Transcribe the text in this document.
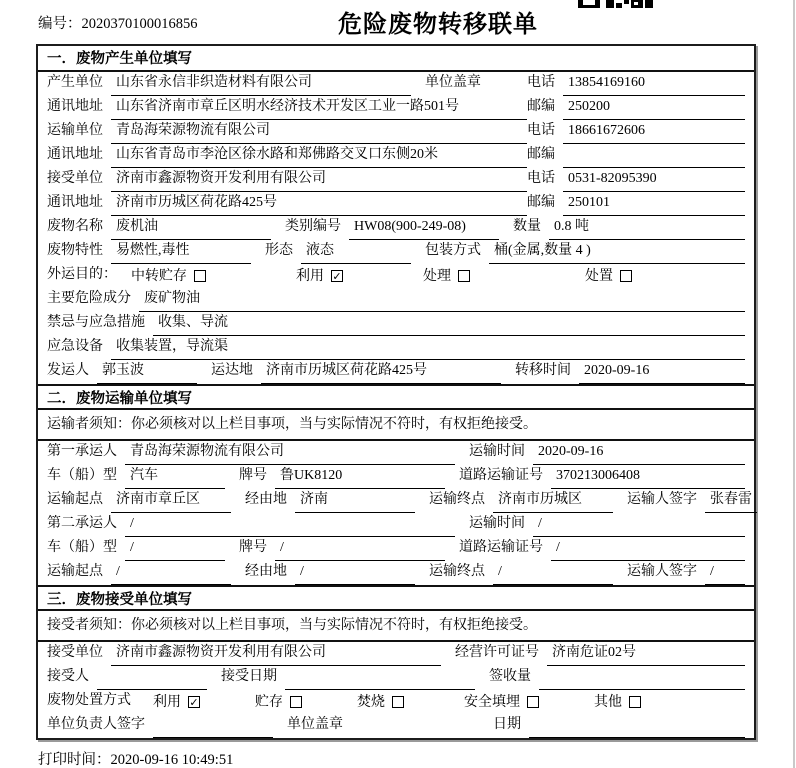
编号：2020370100016856	危险废物转移联单
一．废物产生单位填写
产生单位 山东省永信非织造材料有限公司	单位盖章	电话 13854169160
通讯地址 山东省济南市章丘区明水经济技术开发区工业一路501号	邮编 250200
运输单位 青岛海荣源物流有限公司	电话 18661672606
通讯地址 山东省青岛市李沧区徐水路和郑佛路交叉口东侧20米	邮编
接受单位 济南市鑫源物资开发利用有限公司	电话 0531-82095390
通讯地址 济南市历城区荷花路425号	邮编 250101
废物名称 废机油	类别编号 HW08(900-249-08)	数量 0.8 吨
废物特性 易燃性,毒性	形态 液态	包装方式 桶(金属,数量 4 )
外运目的： 中转贮存	利用 ✓	处理	处置
主要危险成分 废矿物油
禁忌与应急措施 收集、导流
应急设备 收集装置，导流渠
发运人 郭玉波	运达地 济南市历城区荷花路425号	转移时间 2020-09-16
二．废物运输单位填写
运输者须知：你必须核对以上栏目事项，当与实际情况不符时，有权拒绝接受。
第一承运人 青岛海荣源物流有限公司	运输时间 2020-09-16
车（船）型 汽车	牌号 鲁UK8120	道路运输证号 370213006408
运输起点 济南市章丘区	经由地 济南	运输终点 济南市历城区	运输人签字 张春雷
第二承运人 /	运输时间 /
车（船）型 /	牌号 /	道路运输证号 /
运输起点 /	经由地 /	运输终点 /	运输人签字 /
三．废物接受单位填写
接受者须知：你必须核对以上栏目事项，当与实际情况不符时，有权拒绝接受。
接受单位 济南市鑫源物资开发利用有限公司	经营许可证号 济南危证02号
接受人	接受日期	签收量
废物处置方式 利用 ✓	贮存	焚烧	安全填埋	其他
单位负责人签字	单位盖章	日期
打印时间：2020-09-16 10:49:51
